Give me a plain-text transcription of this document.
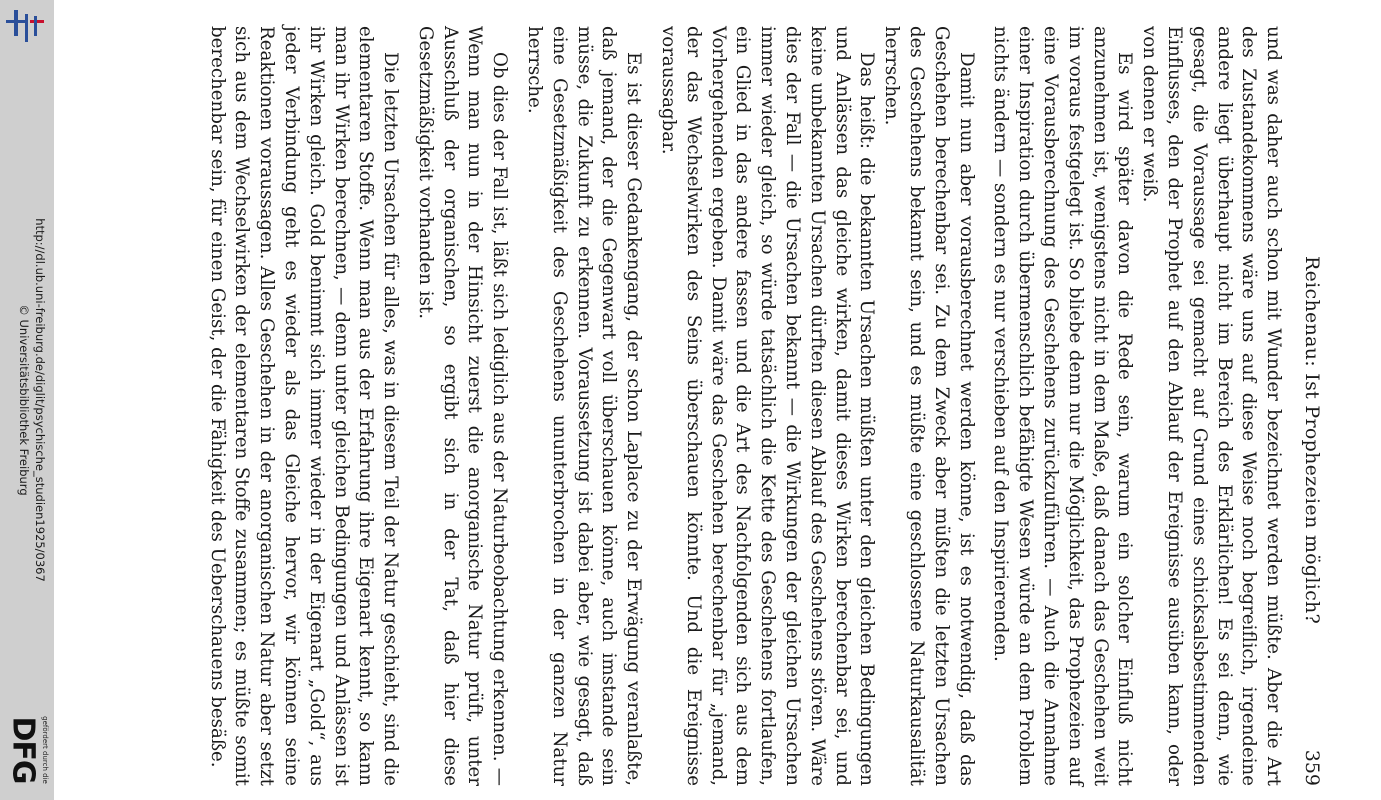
http://dl.ub.uni-freiburg.de/diglit/psychische_studien1925/0367
© Universitätsbibliothek Freiburg
DFG gefördert durch die
Reichenau: Ist Prophezeien möglich?
359

und was daher auch schon mit Wunder bezeichnet werden müßte. Aber die Art des Zustandekommens wäre uns auf diese Weise noch begreiflich, irgendeine andere liegt überhaupt nicht im Bereich des Erklärlichen! Es sei denn, wie gesagt, die Voraussage sei gemacht auf Grund eines schicksalsbestimmenden Einflusses, den der Prophet auf den Ablauf der Ereignisse ausüben kann, oder von denen er weiß.

Es wird später davon die Rede sein, warum ein solcher Einfluß nicht anzunehmen ist, wenigstens nicht in dem Maße, daß danach das Geschehen weit im voraus festgelegt ist. So bliebe denn nur die Möglichkeit, das Prophezeien auf eine Vorausberechnung des Geschehens zurückzuführen. — Auch die Annahme einer Inspiration durch übermenschlich befähigte Wesen würde an dem Problem nichts ändern — sondern es nur verschieben auf den Inspirierenden.

Damit nun aber vorausberechnet werden könne, ist es notwendig, daß das Geschehen berechenbar sei. Zu dem Zweck aber müßten die letzten Ursachen des Geschehens bekannt sein, und es müßte eine geschlossene Naturkausalität herrschen.

Das heißt: die bekannten Ursachen müßten unter den gleichen Bedingungen und Anlässen das gleiche wirken, damit dieses Wirken berechenbar sei, und keine unbekannten Ursachen dürften diesen Ablauf des Geschehens stören. Wäre dies der Fall — die Ursachen bekannt — die Wirkungen der gleichen Ursachen immer wieder gleich, so würde tatsächlich die Kette des Geschehens fortlaufen, ein Glied in das andere fassen und die Art des Nachfolgenden sich aus dem Vorhergehenden ergeben. Damit wäre das Geschehen berechenbar für „jemand, der das Wechselwirken des Seins überschauen könnte. Und die Ereignisse voraussagbar.

Es ist dieser Gedankengang, der schon Laplace zu der Erwägung veranlaßte, daß jemand, der die Gegenwart voll überschauen könne, auch imstande sein müsse, die Zukunft zu erkennen. Voraussetzung ist dabei aber, wie gesagt, daß eine Gesetzmäßigkeit des Geschehens ununterbrochen in der ganzen Natur herrsche.

Ob dies der Fall ist, läßt sich lediglich aus der Naturbeobachtung erkennen. — Wenn man nun in der Hinsicht zuerst die anorganische Natur prüft, unter Ausschluß der organischen, so ergibt sich in der Tat, daß hier diese Gesetzmäßigkeit vorhanden ist.

Die letzten Ursachen für alles, was in diesem Teil der Natur geschieht, sind die elementaren Stoffe. Wenn man aus der Erfahrung ihre Eigenart kennt, so kann man ihr Wirken berechnen, — denn unter gleichen Bedingungen und Anlässen ist ihr Wirken gleich. Gold benimmt sich immer wieder in der Eigenart „Gold“, aus jeder Verbindung geht es wieder als das Gleiche hervor, wir können seine Reaktionen voraussagen. Alles Geschehen in der anorganischen Natur aber setzt sich aus dem Wechselwirken der elementaren Stoffe zusammen; es müßte somit berechenbar sein, für einen Geist, der die Fähigkeit des Ueberschauens besäße.
